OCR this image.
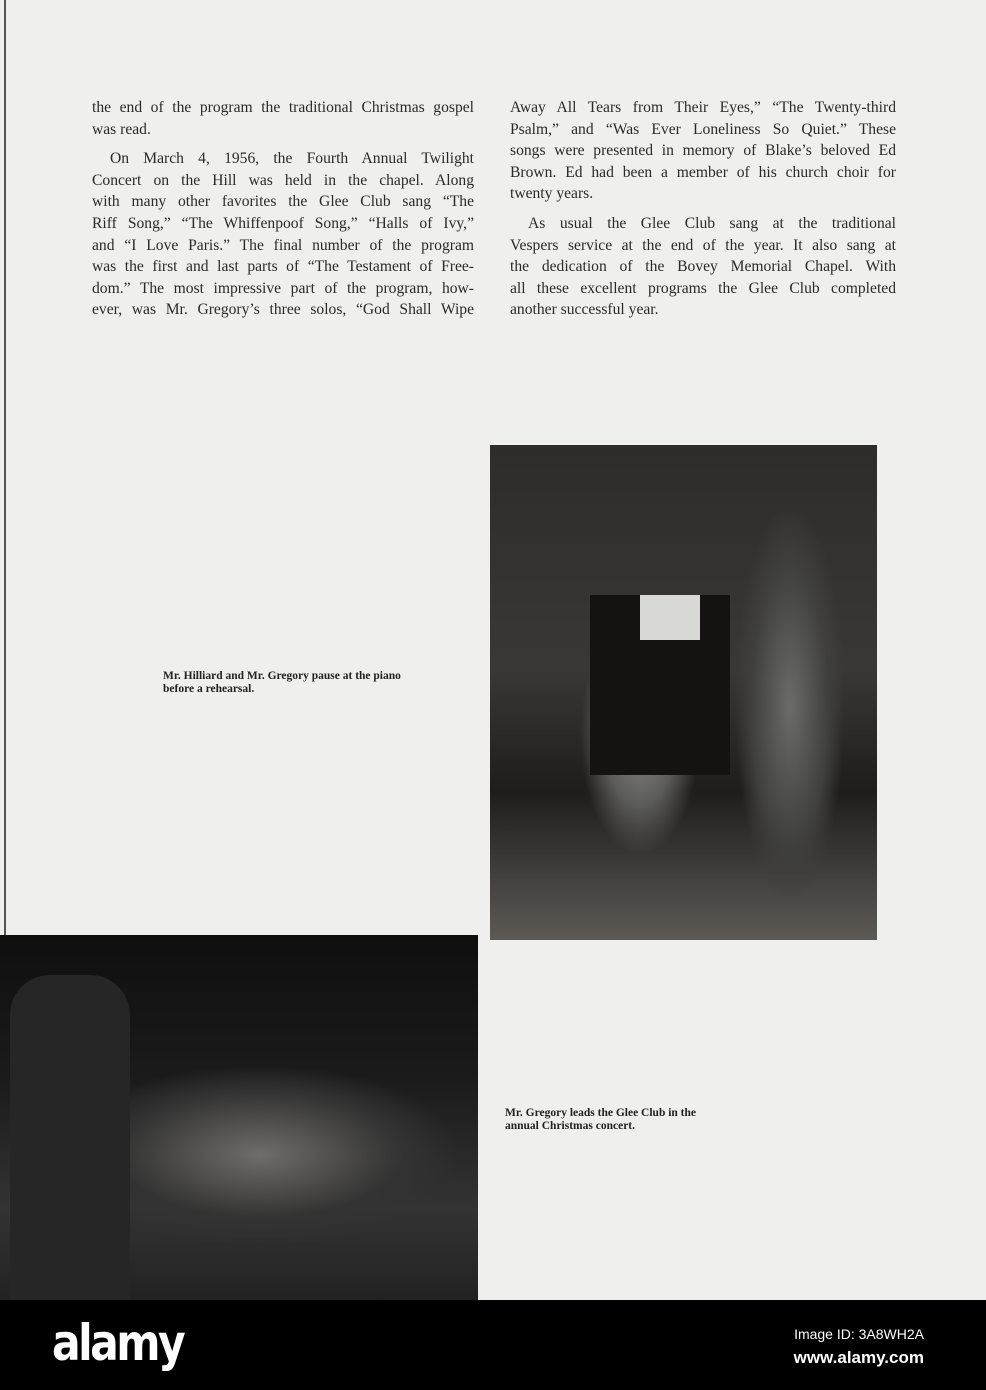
the end of the program the traditional Christmas gospel
was read.
On March 4, 1956, the Fourth Annual Twilight
Concert on the Hill was held in the chapel. Along
with many other favorites the Glee Club sang “The
Riff Song,” “The Whiffenpoof Song,” “Halls of Ivy,”
and “I Love Paris.” The final number of the program
was the first and last parts of “The Testament of Free-
dom.” The most impressive part of the program, how-
ever, was Mr. Gregory’s three solos, “God Shall Wipe
Away All Tears from Their Eyes,” “The Twenty-third
Psalm,” and “Was Ever Loneliness So Quiet.” These
songs were presented in memory of Blake’s beloved Ed
Brown. Ed had been a member of his church choir for
twenty years.
As usual the Glee Club sang at the traditional
Vespers service at the end of the year. It also sang at
the dedication of the Bovey Memorial Chapel. With
all these excellent programs the Glee Club completed
another successful year.
Mr. Hilliard and Mr. Gregory pause at the piano
before a rehearsal.
Mr. Gregory leads the Glee Club in the
annual Christmas concert.
alamy	Image ID: 3A8WH2A
www.alamy.com
